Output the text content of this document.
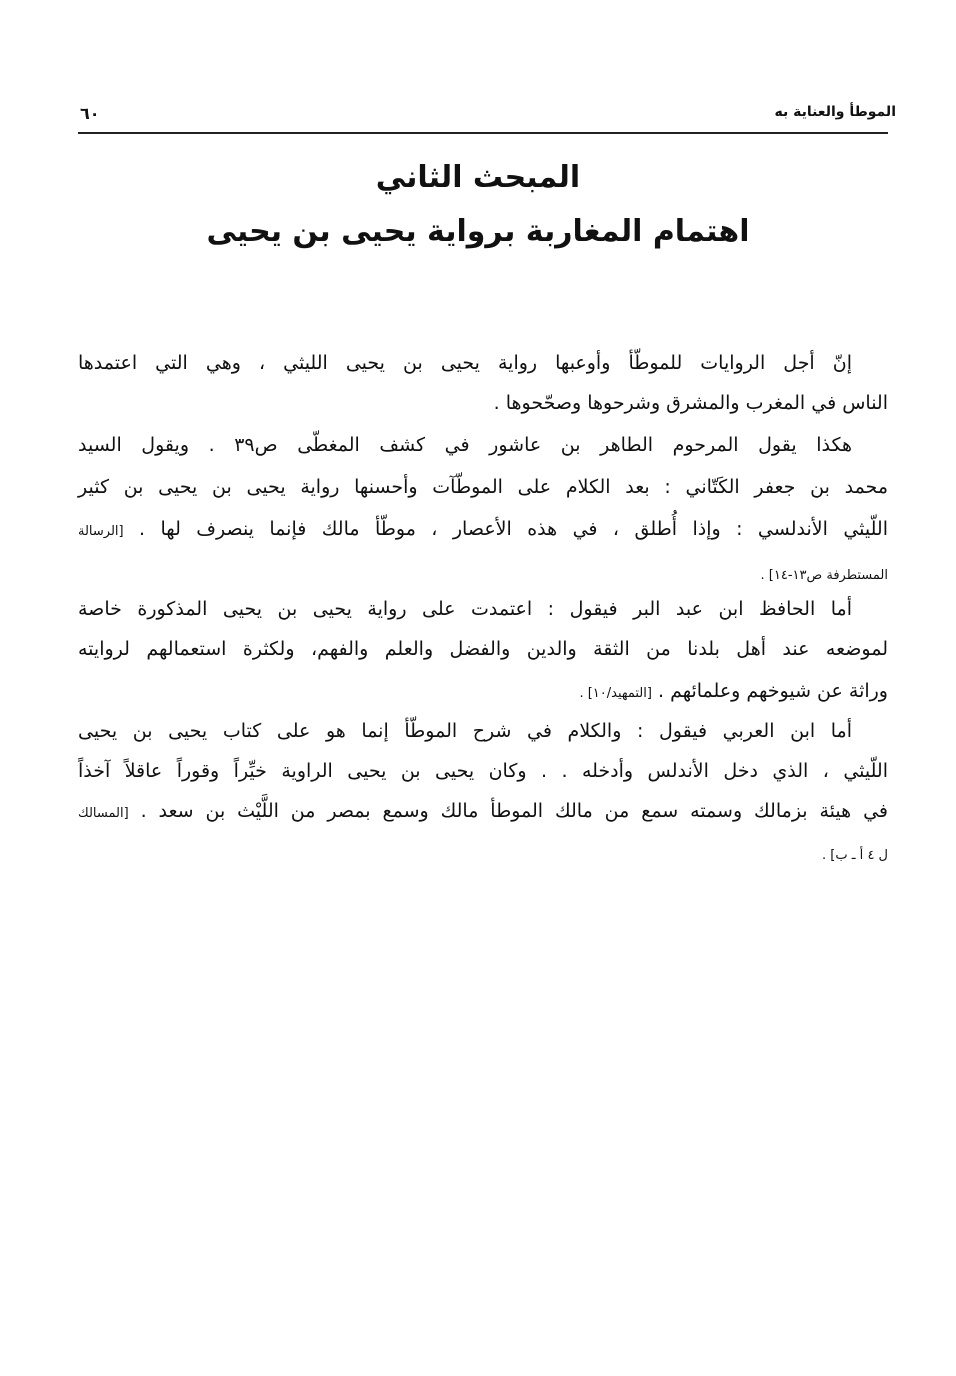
الموطأ والعناية به
٦٠
المبحث الثاني
اهتمام المغاربة برواية يحيى بن يحيى
إنّ أجل الروايات للموطّأ وأوعبها رواية يحيى بن يحيى الليثي ، وهي التي اعتمدها
الناس في المغرب والمشرق وشرحوها وصحّحوها .
هكذا يقول المرحوم الطاهر بن عاشور في كشف المغطّى ص٣٩ . ويقول السيد
محمد بن جعفر الكَتّاني : بعد الكلام على الموطّآت وأحسنها رواية يحيى بن يحيى بن كثير
اللّيثي الأندلسي : وإذا أُطلق ، في هذه الأعصار ، موطّأ مالك فإنما ينصرف لها . [الرسالة
المستطرفة ص١٣-١٤] .
أما الحافظ ابن عبد البر فيقول : اعتمدت على رواية يحيى بن يحيى المذكورة خاصة
لموضعه عند أهل بلدنا من الثقة والدين والفضل والعلم والفهم، ولكثرة استعمالهم لروايته
وراثة عن شيوخهم وعلمائهم . [التمهيد/١٠] .
أما ابن العربي فيقول : والكلام في شرح الموطّأ إنما هو على كتاب يحيى بن يحيى
اللّيثي ، الذي دخل الأندلس وأدخله . . وكان يحيى بن يحيى الراوية خيِّراً وقوراً عاقلاً آخذاً
في هيئة بزمالك وسمته سمع من مالك الموطأ مالك وسمع بمصر من اللَّيْث بن سعد . [المسالك
ل ٤ أ ـ ب] .
